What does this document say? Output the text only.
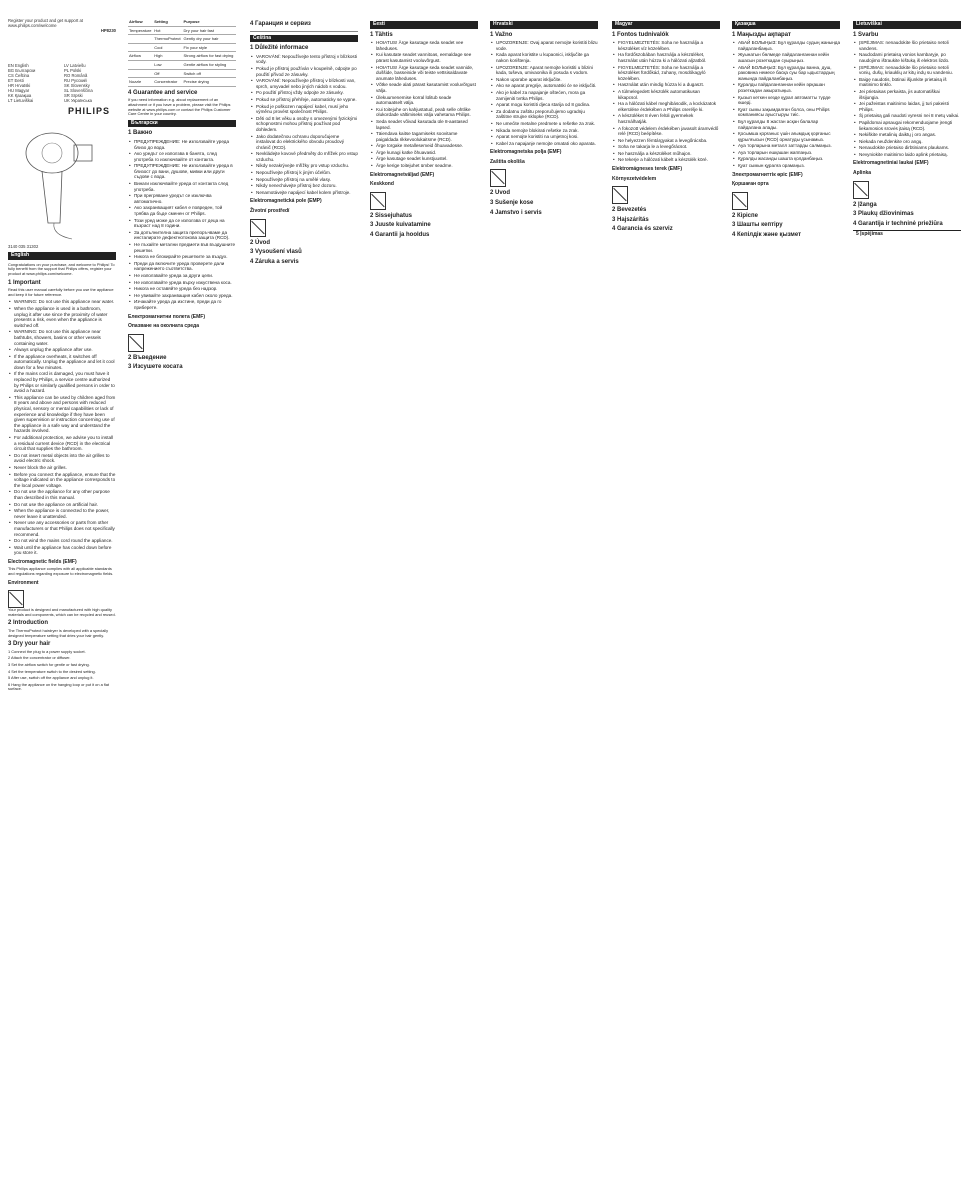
Register your product and get support at
www.philips.com/welcome
HP8230
EN English
BG Български
CS Čeština
ET Eesti
HR Hrvatski
HU Magyar
KK Қазақша
LT Lietuviškai
LV Latviešu
PL Polski
RO Română
RU Русский
SK Slovensky
SL Slovenščina
SR Srpski
UK Українська
PHILIPS
3140 035 31302
English

Congratulations on your purchase, and welcome to Philips! To fully benefit from the support that Philips offers, register your product at www.philips.com/welcome.

1 Important

Read this user manual carefully before you use the appliance and keep it for future reference.

• WARNING: Do not use this appliance near water.

• When the appliance is used in a bathroom, unplug it after use since the proximity of water presents a risk, even when the appliance is switched off.

• WARNING: Do not use this appliance near bathtubs, showers, basins or other vessels containing water.

• Always unplug the appliance after use.

• If the appliance overheats, it switches off automatically. Unplug the appliance and let it cool down for a few minutes.

• If the mains cord is damaged, you must have it replaced by Philips, a service centre authorized by Philips or similarly qualified persons in order to avoid a hazard.

• This appliance can be used by children aged from 8 years and above and persons with reduced physical, sensory or mental capabilities or lack of experience and knowledge if they have been given supervision or instruction concerning use of the appliance in a safe way and understand the hazards involved.

• For additional protection, we advise you to install a residual current device (RCD) in the electrical circuit that supplies the bathroom.

• Do not insert metal objects into the air grilles to avoid electric shock.

• Never block the air grilles.

• Before you connect the appliance, ensure that the voltage indicated on the appliance corresponds to the local power voltage.

• Do not use the appliance for any other purpose than described in this manual.

• Do not use the appliance on artificial hair.

• When the appliance is connected to the power, never leave it unattended.

• Never use any accessories or parts from other manufacturers or that Philips does not specifically recommend.

• Do not wind the mains cord round the appliance.

• Wait until the appliance has cooled down before you store it.

Electromagnetic fields (EMF)

This Philips appliance complies with all applicable standards and regulations regarding exposure to electromagnetic fields.

Environment

Your product is designed and manufactured with high quality materials and components, which can be recycled and reused.

2 Introduction

The ThermoProtect hairdryer is developed with a specially designed temperature setting that dries your hair gently.

3 Dry your hair

1 Connect the plug to a power supply socket.

2 Attach the concentrator or diffuser.

3 Set the airflow switch for gentle or fast drying.

4 Set the temperature switch to the desired setting.

5 After use, switch off the appliance and unplug it.

6 Hang the appliance on the hanging loop or put it on a flat surface.

Airflow	Setting	Purpose
Temperature	Hot	Dry your hair fast
	ThermoProtect	Gently dry your hair
	Cool	Fix your style
Airflow	High	Strong airflow for fast drying
	Low	Gentle airflow for styling
	Off	Switch off
Nozzle	Concentrator	Precise drying
4 Guarantee and service

If you need information e.g. about replacement of an attachment or if you have a problem, please visit the Philips website at www.philips.com or contact the Philips Customer Care Centre in your country.

Български
1 Важно

• ПРЕДУПРЕЖДЕНИЕ: Не използвайте уреда близо до вода.

• Ако уредът се използва в банята, след употреба го изключвайте от контакта.

• ПРЕДУПРЕЖДЕНИЕ: Не използвайте уреда в близост до вани, душове, мивки или други съдове с вода.

• Винаги изключвайте уреда от контакта след употреба.

• При прегряване уредът се изключва автоматично.

• Ако захранващият кабел е повреден, той трябва да бъде сменен от Philips.

• Този уред може да се използва от деца на възраст над 8 години.

• За допълнителна защита препоръчваме да инсталирате дефектнотокова защита (RCD).

• Не пъхайте метални предмети във въздушните решетки.

• Никога не блокирайте решетките за въздух.

• Преди да включите уреда проверете дали напрежението съответства.

• Не използвайте уреда за други цели.

• Не използвайте уреда върху изкуствена коса.

• Никога не оставяйте уреда без надзор.

• Не увивайте захранващия кабел около уреда.

• Изчакайте уреда да изстине, преди да го приберете.

Електромагнитни полета (EMF)
Опазване на околната среда
2 Въведение
3 Изсушете косата
4 Гаранция и сервиз
Čeština
1 Důležité informace

• VAROVÁNÍ: Nepoužívejte tento přístroj v blízkosti vody.

• Pokud je přístroj používán v koupelně, odpojte po použití přívod ze zásuvky.

• VAROVÁNÍ: Nepoužívejte přístroj v blízkosti van, sprch, umyvadel nebo jiných nádob s vodou.

• Po použití přístroj vždy odpojte ze zásuvky.

• Pokud se přístroj přehřeje, automaticky se vypne.

• Pokud je poškozen napájecí kabel, musí jeho výměnu provést společnost Philips.

• Děti od 8 let věku a osoby s omezenými fyzickými schopnostmi mohou přístroj používat pod dohledem.

• Jako dodatečnou ochranu doporučujeme instalovat do elektrického obvodu proudový chránič (RCD).

• Nevkládejte kovové předměty do mřížek pro vstup vzduchu.

• Nikdy nezakrývejte mřížky pro vstup vzduchu.

• Nepoužívejte přístroj k jiným účelům.

• Nepoužívejte přístroj na umělé vlasy.

• Nikdy nenechávejte přístroj bez dozoru.

• Nenamotávejte napájecí kabel kolem přístroje.

Elektromagnetická pole (EMP)
Životní prostředí
2 Úvod
3 Vysoušení vlasů
4 Záruka a servis
Eesti
1 Tähtis

• HOIATUS! Ärge kasutage seda seadet vee läheduses.

• Kui kasutate seadet vannitoas, eemaldage see pärast kasutamist vooluvõrgust.

• HOIATUS! Ärge kasutage seda seadet vannide, duššide, basseinide või teiste vettsisaldavate anumate läheduses.

• Võtke seade alati pärast kasutamist vooluvõrgust välja.

• Ülekuumenemise korral lülitub seade automaatselt välja.

• Kui toitejuhe on kahjustatud, peab selle ohtlike olukordade vältimiseks välja vahetama Philips.

• Seda seadet võivad kasutada üle 8-aastased lapsed.

• Täiendava kaitse tagamiseks soovitame paigaldada rikkevoolukaitsme (RCD).

• Ärge torgake metallesemeid õhuavadesse.

• Ärge kunagi katke õhuavasid.

• Ärge kasutage seadet kunstjuustel.

• Ärge kerige toitejuhet ümber seadme.

Elektromagnetväljad (EMF)
Keskkond
2 Sissejuhatus
3 Juuste kuivatamine
4 Garantii ja hooldus
Hrvatski
1 Važno

• UPOZORENJE: Ovaj aparat nemojte koristiti blizu vode.

• Kada aparat koristite u kupaonici, isključite ga nakon korištenja.

• UPOZORENJE: Aparat nemojte koristiti u blizini kada, tuševa, umivaonika ili posuda s vodom.

• Nakon uporabe aparat isključite.

• Ako se aparat pregrije, automatski će se isključiti.

• Ako je kabel za napajanje oštećen, mora ga zamijeniti tvrtka Philips.

• Aparat mogu koristiti djeca starija od 8 godina.

• Za dodatnu zaštitu preporučujemo ugradnju zaštitne strujne sklopke (RCD).

• Ne umećite metalne predmete u rešetke za zrak.

• Nikada nemojte blokirati rešetke za zrak.

• Aparat nemojte koristiti na umjetnoj kosi.

• Kabel za napajanje nemojte omatati oko aparata.

Elektromagnetska polja (EMF)
Zaštita okoliša
2 Uvod
3 Sušenje kose
4 Jamstvo i servis
Magyar
1 Fontos tudnivalók

• FIGYELMEZTETÉS: Soha ne használja a készüléket víz közelében.

• Ha fürdőszobában használja a készüléket, használat után húzza ki a hálózati aljzatból.

• FIGYELMEZTETÉS: Soha ne használja a készüléket fürdőkád, zuhany, mosdókagyló közelében.

• Használat után mindig húzza ki a dugaszt.

• A túlmelegedett készülék automatikusan kikapcsol.

• Ha a hálózati kábel meghibásodik, a kockázatok elkerülése érdekében a Philips cserélje ki.

• A készüléket 8 éven felüli gyermekek használhatják.

• A fokozott védelem érdekében javasolt áramvédő relé (RCD) beépítése.

• Ne helyezzen fémtárgyakat a levegőrácsba.

• Soha ne takarja le a levegőrácsot.

• Ne használja a készüléket műhajon.

• Ne tekerje a hálózati kábelt a készülék köré.

Elektromágneses terek (EMF)
Környezetvédelem
2 Bevezetés
3 Hajszárítás
4 Garancia és szerviz
Қазақша
1 Маңызды ақпарат

• АБАЙ БОЛЫҢЫЗ: Бұл құралды судың жанында пайдаланбаңыз.

• Жуынатын бөлмеде пайдаланғаннан кейін ашасын розеткадан суырыңыз.

• АБАЙ БОЛЫҢЫЗ: Бұл құралды ванна, душ, раковина немесе басқа суы бар ыдыстардың жанында пайдаланбаңыз.

• Құралды пайдаланғаннан кейін әрқашан розеткадан ажыратыңыз.

• Қызып кеткен кезде құрал автоматты түрде өшеді.

• Қуат сымы зақымдалған болса, оны Philips компаниясы ауыстыруы тиіс.

• Бұл құралды 8 жастан асқан балалар пайдалана алады.

• Қосымша қорғаныс үшін ағымдық қорғаныс құрылғысын (RCD) орнатуды ұсынамыз.

• Ауа торларына металл заттарды салмаңыз.

• Ауа торларын ешқашан жаппаңыз.

• Құралды жасанды шашта қолданбаңыз.

• Қуат сымын құралға орамаңыз.

Электромагниттік өріс (EMF)
Қоршаған орта
2 Кіріспе
3 Шашты кептіру
4 Кепілдік және қызмет
Lietuviškai
1 Svarbu

• ĮSPĖJIMAS: nenaudokite šio prietaiso netoli vandens.

• Naudodami prietaisą vonios kambaryje, po naudojimo ištraukite kištuką iš elektros lizdo.

• ĮSPĖJIMAS: nenaudokite šio prietaiso netoli vonių, dušų, kriauklių ar kitų indų su vandeniu.

• Baigę naudotis, būtinai išjunkite prietaisą iš maitinimo tinklo.

• Jei prietaisas perkaista, jis automatiškai išsijungia.

• Jei pažeistas maitinimo laidas, jį turi pakeisti Philips.

• Šį prietaisą gali naudoti vyresni nei 8 metų vaikai.

• Papildomai apsaugai rekomenduojame įrengti liekamosios srovės įtaisą (RCD).

• Nekiškite metalinių daiktų į oro angas.

• Niekada neuždenkite oro angų.

• Nenaudokite prietaiso dirbtiniams plaukams.

• Nevyniokite maitinimo laido aplink prietaisą.

Elektromagnetiniai laukai (EMF)
Aplinka
2 Įžanga
3 Plaukų džiovinimas
4 Garantija ir techninė priežiūra
5 Įspėjimas
